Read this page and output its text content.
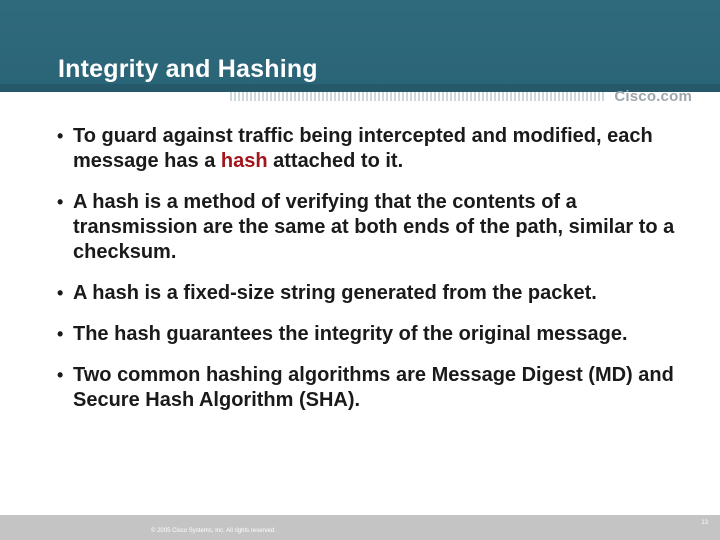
Integrity and Hashing
Cisco.com
• To guard against traffic being intercepted and modified, each message has a hash attached to it.
• A hash is a method of verifying that the contents of a transmission are the same at both ends of the path, similar to a checksum.
• A hash is a fixed-size string generated from the packet.
• The hash guarantees the integrity of the original message.
• Two common hashing algorithms are Message Digest (MD) and Secure Hash Algorithm (SHA).
© 2005 Cisco Systems, Inc. All rights reserved.
13
